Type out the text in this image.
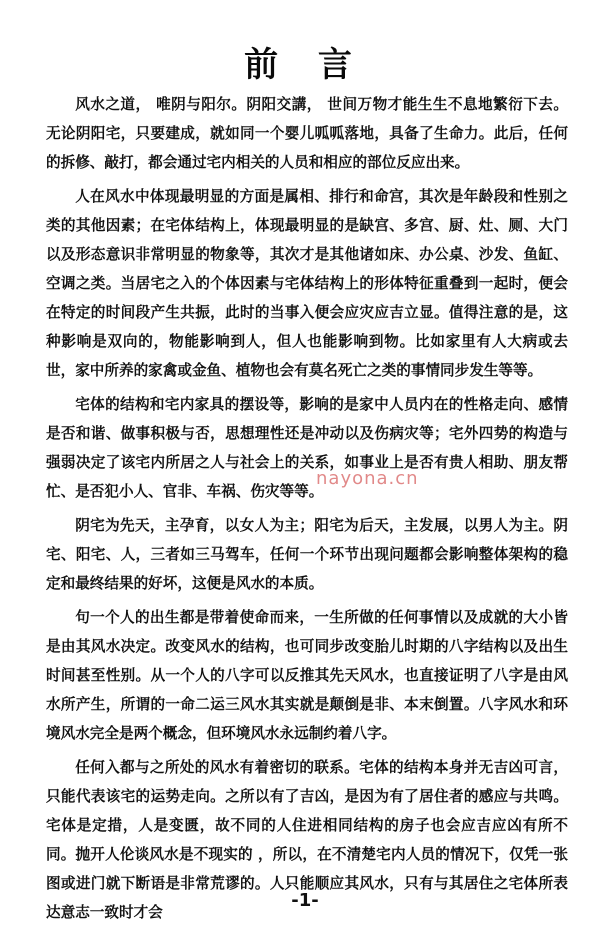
前 言

风水之道， 唯阴与阳尔。阴阳交講， 世间万物才能生生不息地繁衍下去。 无论阴阳宅，只要建成，就如同一个婴儿呱呱落地，具备了生命力。此后，任何的拆修、敲打，都会通过宅内相关的人员和相应的部位反应出来。

人在风水中体现最明显的方面是属相、排行和命宫，其次是年龄段和性别之类的其他因素；在宅体结构上，体现最明显的是缺宫、多宫、厨、灶、厕、大门以及形态意识非常明显的物象等，其次才是其他诸如床、办公桌、沙发、鱼缸、空调之类。当居宅之入的个体因素与宅体结构上的形体特征重叠到一起时，便会在特定的时间段产生共振，此时的当事入便会应灾应吉立显。值得注意的是，这种影响是双向的，物能影响到人，但人也能影响到物。比如家里有人大病或去世，家中所养的家禽或金鱼、植物也会有莫名死亡之类的事情同步发生等等。

宅体的结构和宅内家具的摆设等，影响的是家中人员内在的性格走向、感情是否和谐、做事积极与否，思想理性还是冲动以及伤病灾等；宅外四势的构造与强弱决定了该宅内所居之人与社会上的关系，如事业上是否有贵人相助、朋友帮忙、是否犯小人、官非、车祸、伤灾等等。

阴宅为先天，主孕育，以女人为主；阳宅为后天，主发展，以男人为主。阴宅、阳宅、人，三者如三马驾车，任何一个环节出现问题都会影响整体架构的稳定和最终结果的好坏，这便是风水的本质。

句一个人的出生都是带着使命而来，一生所做的任何事情以及成就的大小皆是由其风水决定。改变风水的结构，也可同步改变胎儿时期的八字结构以及出生时间甚至性别。从一个人的八字可以反推其先天风水，也直接证明了八字是由风水所产生，所谓的一命二运三风水其实就是颠倒是非、本末倒置。八字风水和环境风水完全是两个概念，但环境风水永远制约着八字。

任何入都与之所处的风水有着密切的联系。宅体的结构本身并无吉凶可言， 只能代表该宅的运势走向。之所以有了吉凶，是因为有了居住者的感应与共鸣。 宅体是定措，人是变匮，故不同的人住进相同结构的房子也会应吉应凶有所不同。抛开人伦谈风水是不现实的 ，所以，在不清楚宅内人员的情况下，仅凭一张图或进门就下断语是非常荒谬的。人只能顺应其风水，只有与其居住之宅体所表达意志一致时才会

nayona.cn
-1-
